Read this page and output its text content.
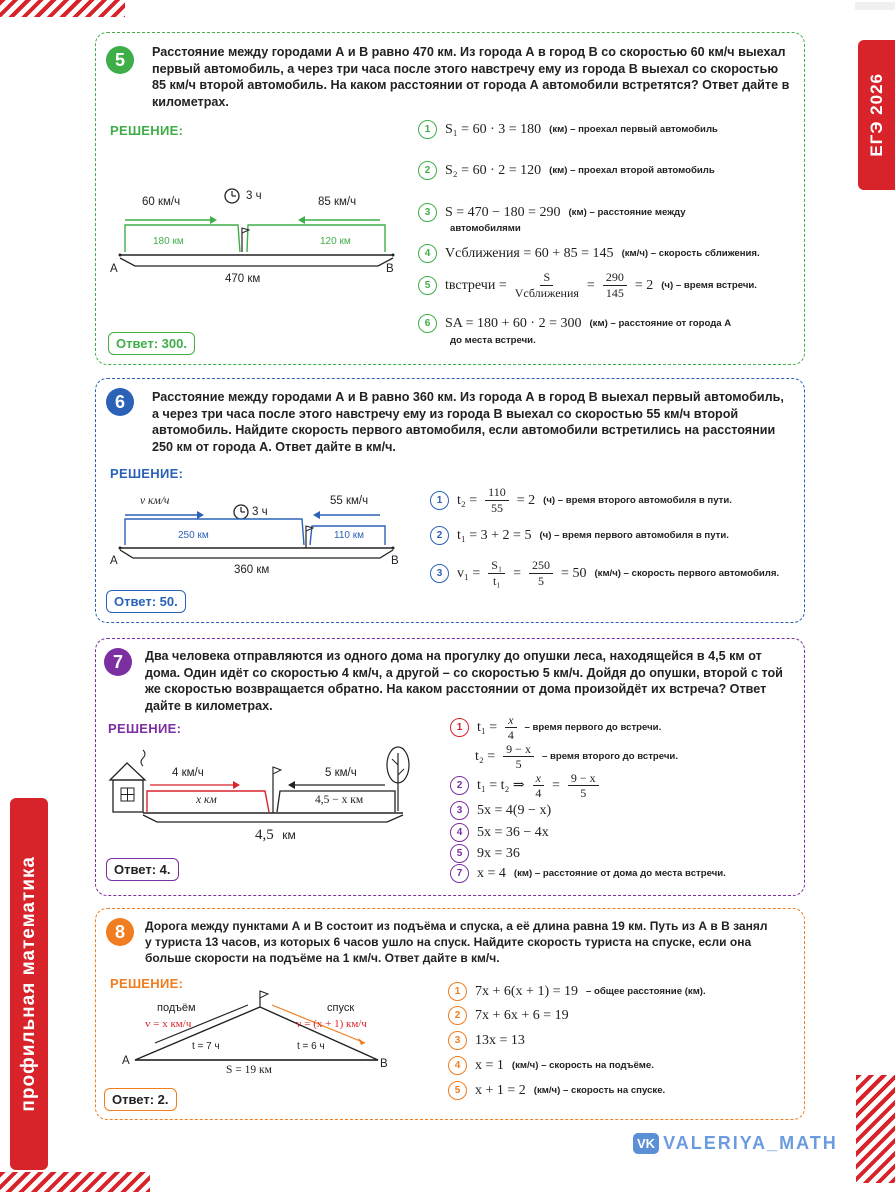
ЕГЭ 2026
профильная математика
5	Расстояние между городами А и В равно 470 км. Из города А в город В со скоростью 60 км/ч выехал первый автомобиль, а через три часа после этого навстречу ему из города В выехал со скоростью 85 км/ч второй автомобиль. На каком расстоянии от города А автомобили встретятся? Ответ дайте в километрах.
РЕШЕНИЕ:
60 км/ч	3 ч	85 км/ч
180 км	120 км
А	В
470 км
Ответ: 300.
1	S₁ = 60 · 3 = 180 (км) – проехал первый автомобиль
2	S₂ = 60 · 2 = 120 (км) – проехал второй автомобиль
3	S = 470 − 180 = 290 (км) – расстояние между
автомобилями
4	Vсближения = 60 + 85 = 145 (км/ч) – скорость сближения.
5	tвстречи =
S
Vсближения
= $\frac{290}{145} = 2$ (ч) – время встречи.
6	SA = 180 + 60 · 2 = 300 (км) – расстояние от города А
до места встречи.
6	Расстояние между городами А и В равно 360 км. Из города А в город В выехал первый автомобиль, а через три часа после этого навстречу ему из города В выехал со скоростью 55 км/ч второй автомобиль. Найдите скорость первого автомобиля, если автомобили встретились на расстоянии 250 км от города А. Ответ дайте в км/ч.
РЕШЕНИЕ:
v км/ч
3 ч
55 км/ч
250 км	110 км
А	В
360 км
Ответ: 50.
1	$t_2 = \frac{110}{55} = 2$ (ч) – время второго автомобиля в пути.
2	t₁ = 3 + 2 = 5 (ч) – время первого автомобиля в пути.
3	$v_1 = \frac{\text{S₁}}{\text{t₁}} = \frac{250}{5} = 50$ (км/ч) – скорость первого автомобиля.
7	Два человека отправляются из одного дома на прогулку до опушки леса, находящейся в 4,5 км от дома. Один идёт со скоростью 4 км/ч, а другой – со скоростью 5 км/ч. Дойдя до опушки, второй с той же скоростью возвращается обратно. На каком расстоянии от дома произойдёт их встреча? Ответ дайте в километрах.
РЕШЕНИЕ:
4 км/ч	5 км/ч
x км	4,5 − x км
4,5 км
Ответ: 4.
1	$t_1 = \frac{x}{4}$ – время первого до встречи.
$t_2 = \frac{9 - x}{5}$ – время второго до встречи.
2	t₁ = t₂ ⇒ $\frac{x}{4} = \frac{9 - x}{5}$
3	5x = 4(9 − x)
4	5x = 36 − 4x
5	9x = 36
7	x = 4 (км) – расстояние от дома до места встречи.
8	Дорога между пунктами А и В состоит из подъёма и спуска, а её длина равна 19 км. Путь из А в В занял у туриста 13 часов, из которых 6 часов ушло на спуск. Найдите скорость туриста на спуске, если она больше скорости на подъёме на 1 км/ч. Ответ дайте в км/ч.
РЕШЕНИЕ:
подъём	спуск
v = x км/ч	v = (x + 1) км/ч
t = 7 ч	t = 6 ч
А	В
S = 19 км
Ответ: 2.
1	7x + 6(x + 1) = 19 – общее расстояние (км).
2	7x + 6x + 6 = 19
3	13x = 13
4	x = 1 (км/ч) – скорость на подъёме.
5	x + 1 = 2 (км/ч) – скорость на спуске.
VK VALERIYA_MATH
